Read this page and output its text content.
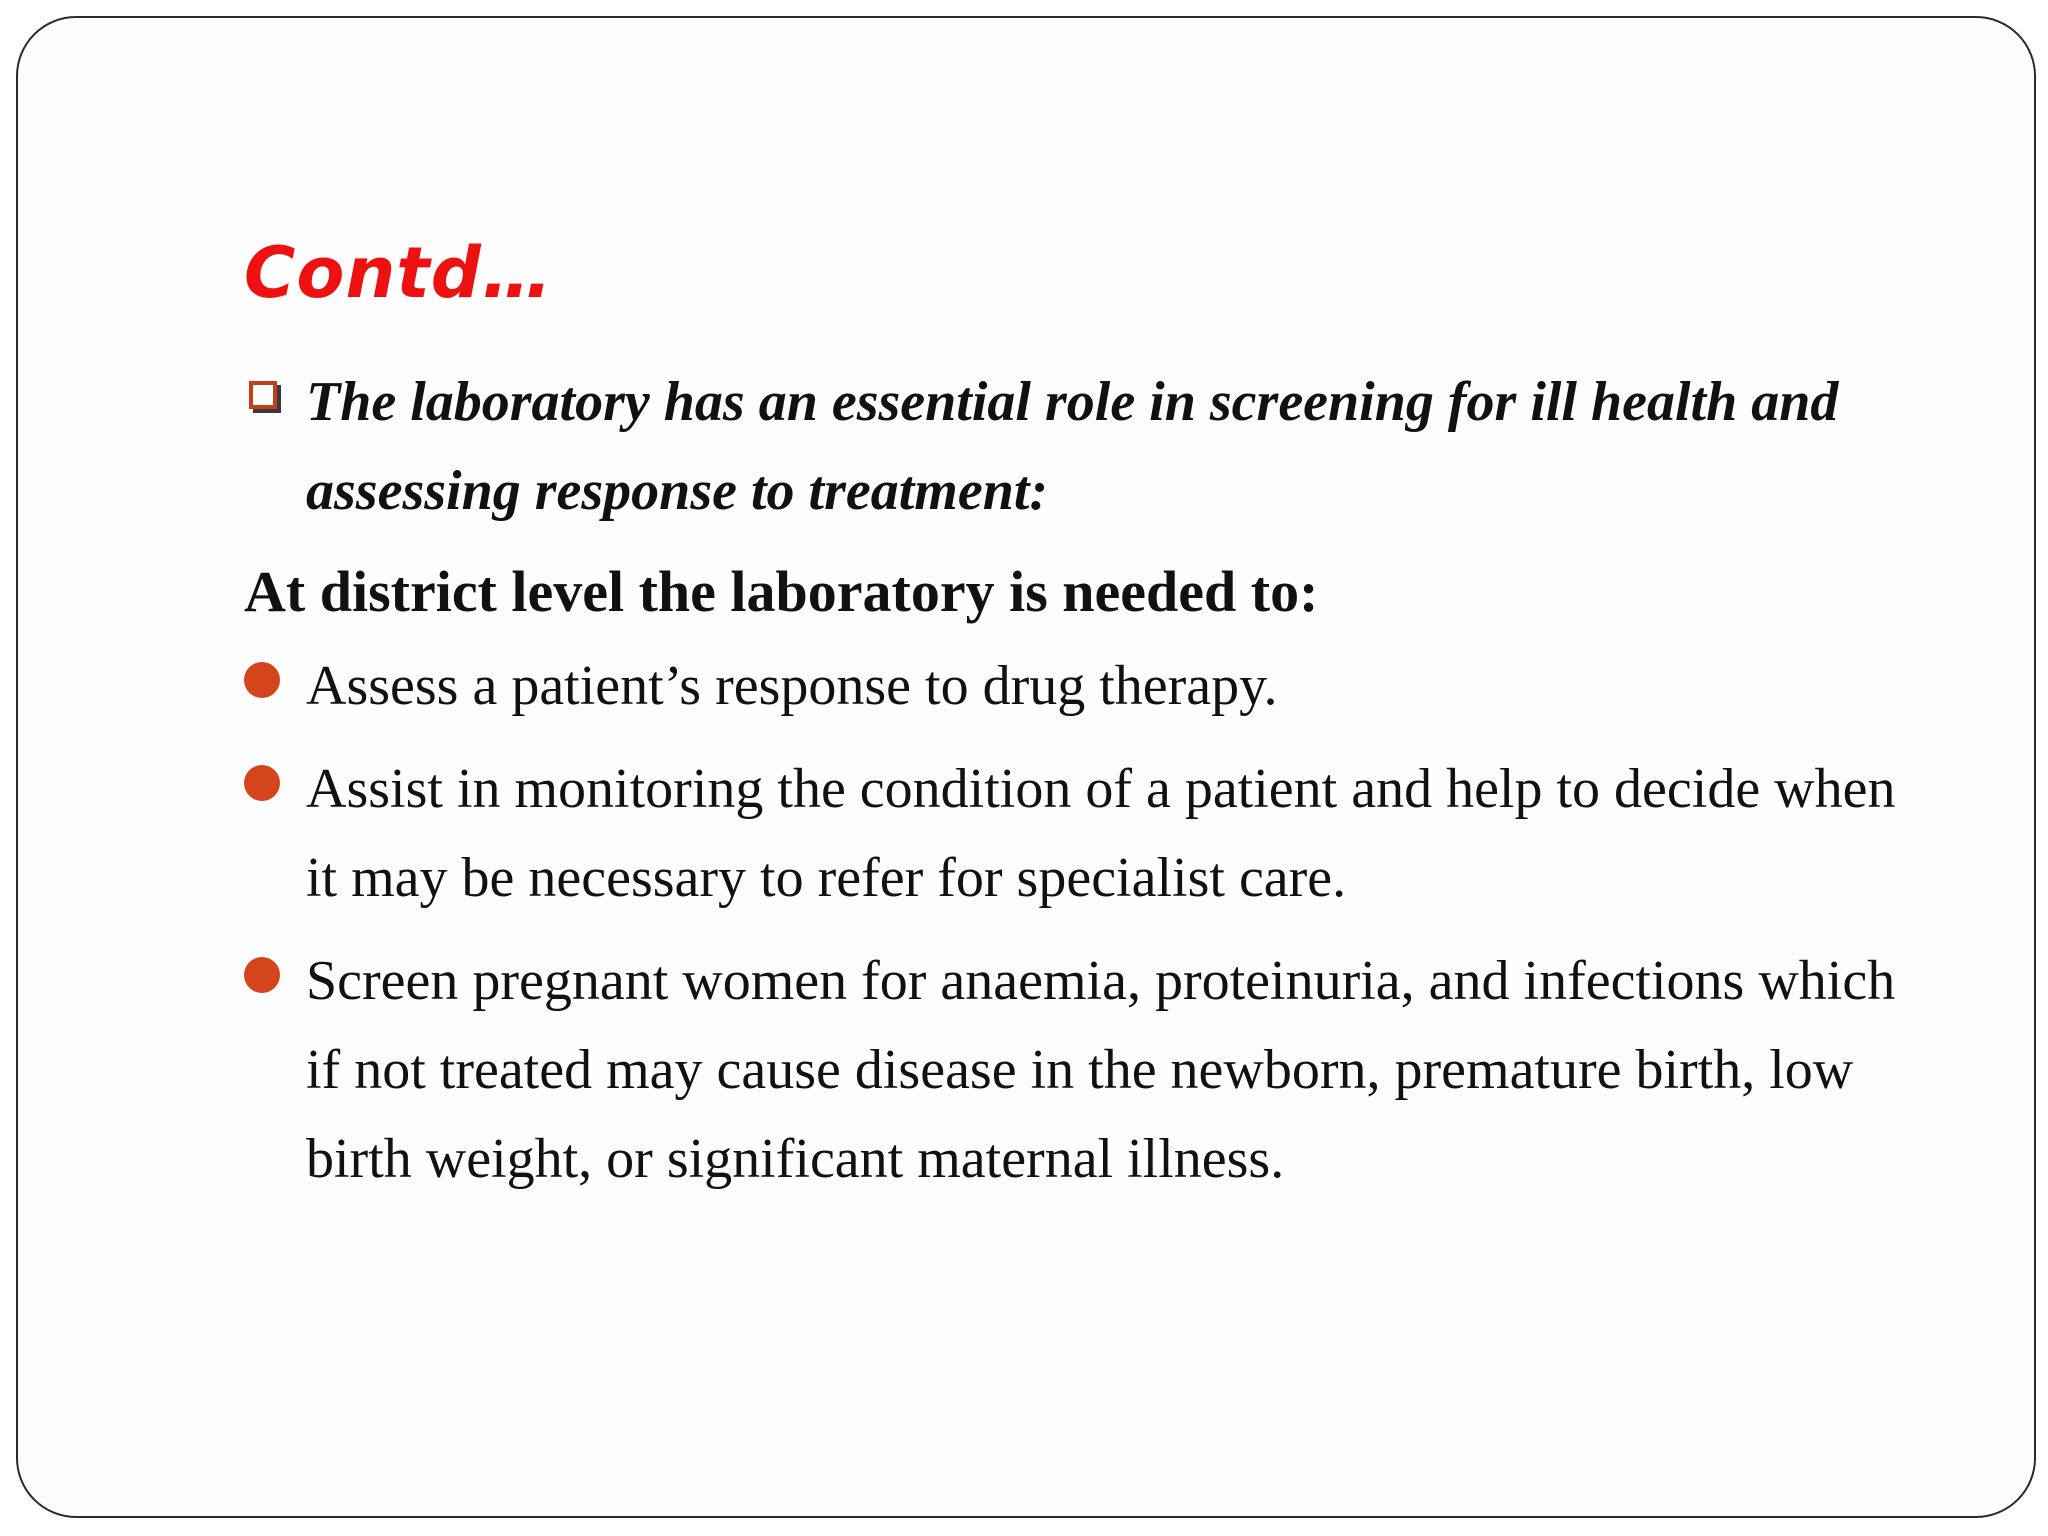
Contd…

The laboratory has an essential role in screening for ill health and assessing response to treatment:

At district level the laboratory is needed to:

Assess a patient’s response to drug therapy.
Assist in monitoring the condition of a patient and help to decide when it may be necessary to refer for specialist care.
Screen pregnant women for anaemia, proteinuria, and infections which if not treated may cause disease in the newborn, premature birth, low birth weight, or significant maternal illness.
